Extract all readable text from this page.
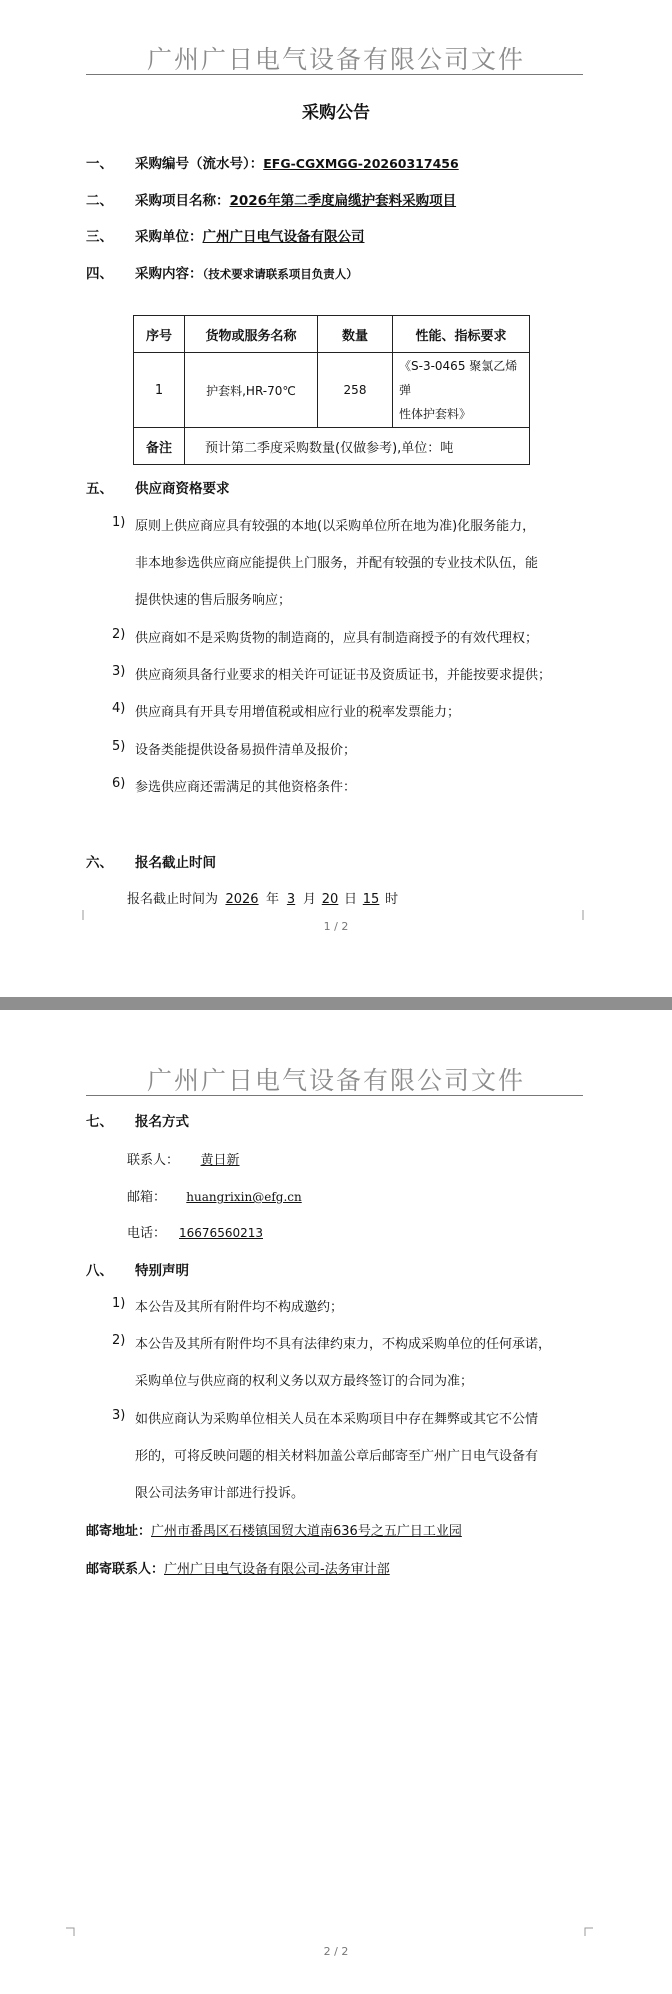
广州广日电气设备有限公司文件
采购公告
一、 采购编号（流水号）：EFG-CGXMGG-20260317456
二、 采购项目名称：2026年第二季度扁缆护套料采购项目
三、 采购单位：广州广日电气设备有限公司
四、 采购内容：（技术要求请联系项目负责人）
序号	货物或服务名称	数量	性能、指标要求
1	护套料,HR-70℃	258	《S-3-0465 聚氯乙烯弹
性体护套料》

备注	预计第二季度采购数量(仅做参考),单位：吨		
五、 供应商资格要求
1) 原则上供应商应具有较强的本地(以采购单位所在地为准)化服务能力，
非本地参选供应商应能提供上门服务，并配有较强的专业技术队伍，能
提供快速的售后服务响应；
2) 供应商如不是采购货物的制造商的，应具有制造商授予的有效代理权；
3) 供应商须具备行业要求的相关许可证证书及资质证书，并能按要求提供；
4) 供应商具有开具专用增值税或相应行业的税率发票能力；
5) 设备类能提供设备易损件清单及报价；
6) 参选供应商还需满足的其他资格条件：
六、 报名截止时间
报名截止时间为 2026 年 3 月 20 日 15 时
1 / 2
广州广日电气设备有限公司文件
七、 报名方式
联系人： 黄日新
邮箱： huangrixin@efg.cn
电话： 16676560213
八、 特别声明
1) 本公告及其所有附件均不构成邀约；
2) 本公告及其所有附件均不具有法律约束力，不构成采购单位的任何承诺，
采购单位与供应商的权利义务以双方最终签订的合同为准；
3) 如供应商认为采购单位相关人员在本采购项目中存在舞弊或其它不公情
形的，可将反映问题的相关材料加盖公章后邮寄至广州广日电气设备有
限公司法务审计部进行投诉。
邮寄地址：广州市番禺区石楼镇国贸大道南636号之五广日工业园
邮寄联系人：广州广日电气设备有限公司-法务审计部
2 / 2
